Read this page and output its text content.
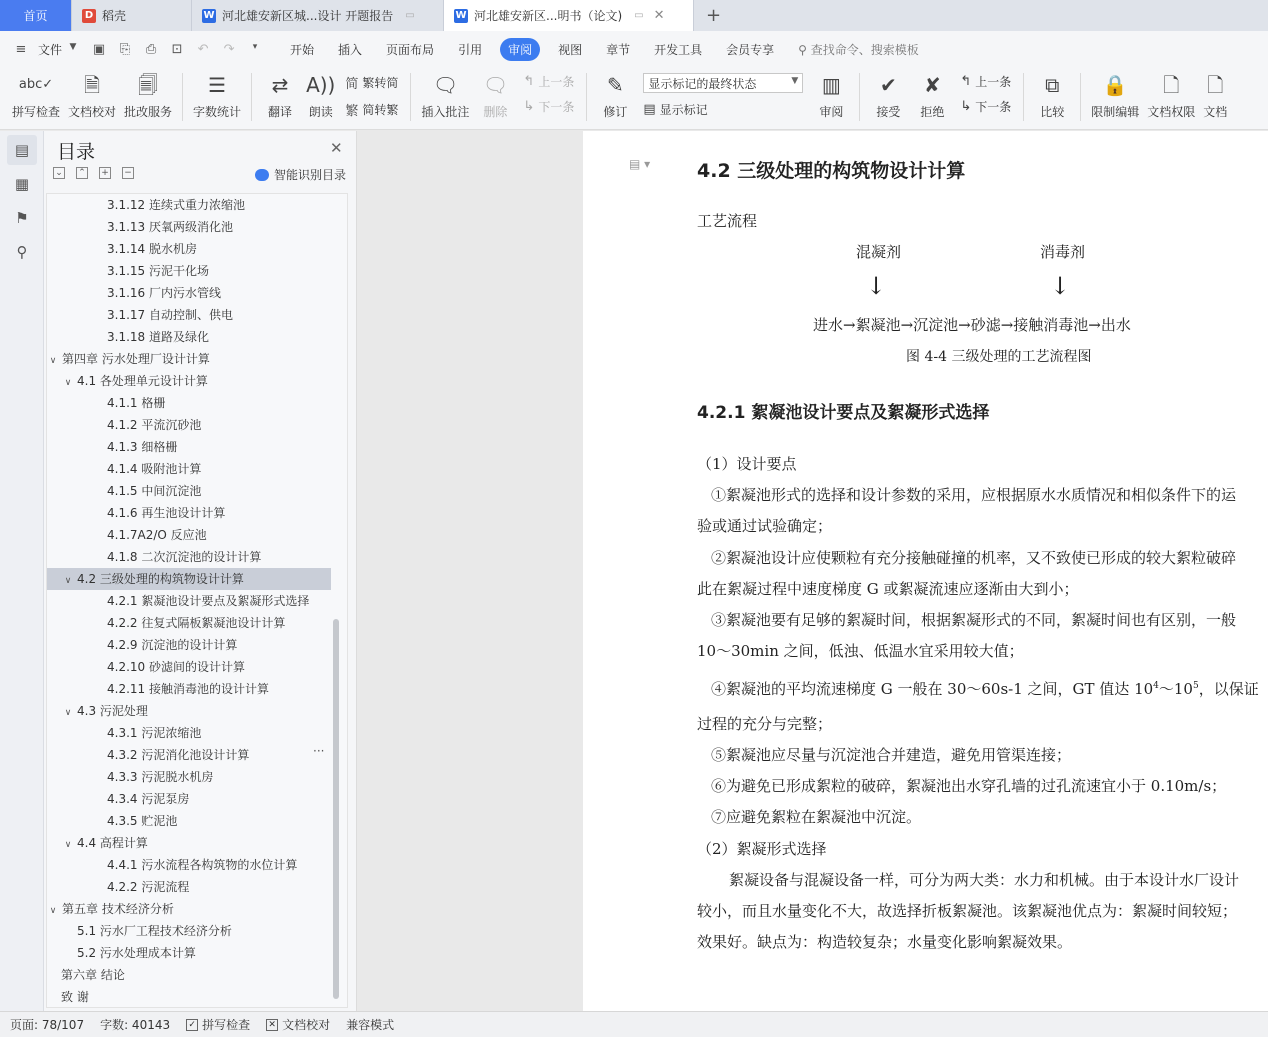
首页	D 稻壳	W 河北雄安新区城...设计 开题报告 ▭	W 河北雄安新区...明书（论文) ▭ ✕	+
≡ 文件 ▼ ▣ ⎘ ⎙ ⊡ ↶ ↷	▾	开始	插入	页面布局	引用	审阅	视图	章节	开发工具	会员专享	⚲ 查找命令、搜索模板
abc✓
拼写检查
🗎
文档校对
🗐
批改服务
☰
字数统计
⇄
翻译
A))
朗读
简 繁转简
繁 简转繁
🗨
插入批注
🗨
删除
↰ 上一条
↳ 下一条
✎
修订
显示标记的最终状态	▼
▤ 显示标记
▥
审阅
✔
接受
✘
拒绝
↰ 上一条
↳ 下一条
⧉
比较
🔒
限制编辑
🗋
文档权限
🗋
文档
▤
▦
⚑
⚲
目录	✕
⌄ ⌃ + −	智能识别目录
3.1.12 连续式重力浓缩池
3.1.13 厌氧两级消化池
3.1.14 脱水机房
3.1.15 污泥干化场
3.1.16 厂内污水管线
3.1.17 自动控制、供电
3.1.18 道路及绿化
∨ 第四章 污水处理厂设计计算
∨ 4.1 各处理单元设计计算
4.1.1 格栅
4.1.2 平流沉砂池
4.1.3 细格栅
4.1.4 吸附池计算
4.1.5 中间沉淀池
4.1.6 再生池设计计算
4.1.7A2/O 反应池
4.1.8 二次沉淀池的设计计算
∨ 4.2 三级处理的构筑物设计计算
4.2.1 絮凝池设计要点及絮凝形式选择
4.2.2 往复式隔板絮凝池设计计算
4.2.9 沉淀池的设计计算
4.2.10 砂滤间的设计计算
4.2.11 接触消毒池的设计计算
∨ 4.3 污泥处理
4.3.1 污泥浓缩池
4.3.2 污泥消化池设计计算
4.3.3 污泥脱水机房
4.3.4 污泥泵房
4.3.5 贮泥池
∨ 4.4 高程计算
4.4.1 污水流程各构筑物的水位计算
4.2.2 污泥流程
∨ 第五章 技术经济分析
5.1 污水厂工程技术经济分析
5.2 污水处理成本计算
第六章 结论
致 谢
···
▤ ▾ 4.2 三级处理的构筑物设计计算
工艺流程
混凝剂	消毒剂
↓	↓
进水→絮凝池→沉淀池→砂滤→接触消毒池→出水
图 4-4 三级处理的工艺流程图
4.2.1 絮凝池设计要点及絮凝形式选择
（1）设计要点
①絮凝池形式的选择和设计参数的采用，应根据原水水质情况和相似条件下的运
验或通过试验确定；
②絮凝池设计应使颗粒有充分接触碰撞的机率，又不致使已形成的较大絮粒破碎
此在絮凝过程中速度梯度 G 或絮凝流速应逐渐由大到小；
③絮凝池要有足够的絮凝时间，根据絮凝形式的不同，絮凝时间也有区别，一般
10～30min 之间，低浊、低温水宜采用较大值；
④絮凝池的平均流速梯度 G 一般在 30～60s-1 之间，GT 值达 $10^4\sim 10^5$，以保证
过程的充分与完整；
⑤絮凝池应尽量与沉淀池合并建造，避免用管渠连接；
⑥为避免已形成絮粒的破碎，絮凝池出水穿孔墙的过孔流速宜小于 0.10m/s；
⑦应避免絮粒在絮凝池中沉淀。
（2）絮凝形式选择
絮凝设备与混凝设备一样，可分为两大类：水力和机械。由于本设计水厂设计
较小，而且水量变化不大，故选择折板絮凝池。该絮凝池优点为：絮凝时间较短；
效果好。缺点为：构造较复杂；水量变化影响絮凝效果。
页面: 78/107 字数: 40143 ✓ 拼写检查 ✕ 文档校对 兼容模式
